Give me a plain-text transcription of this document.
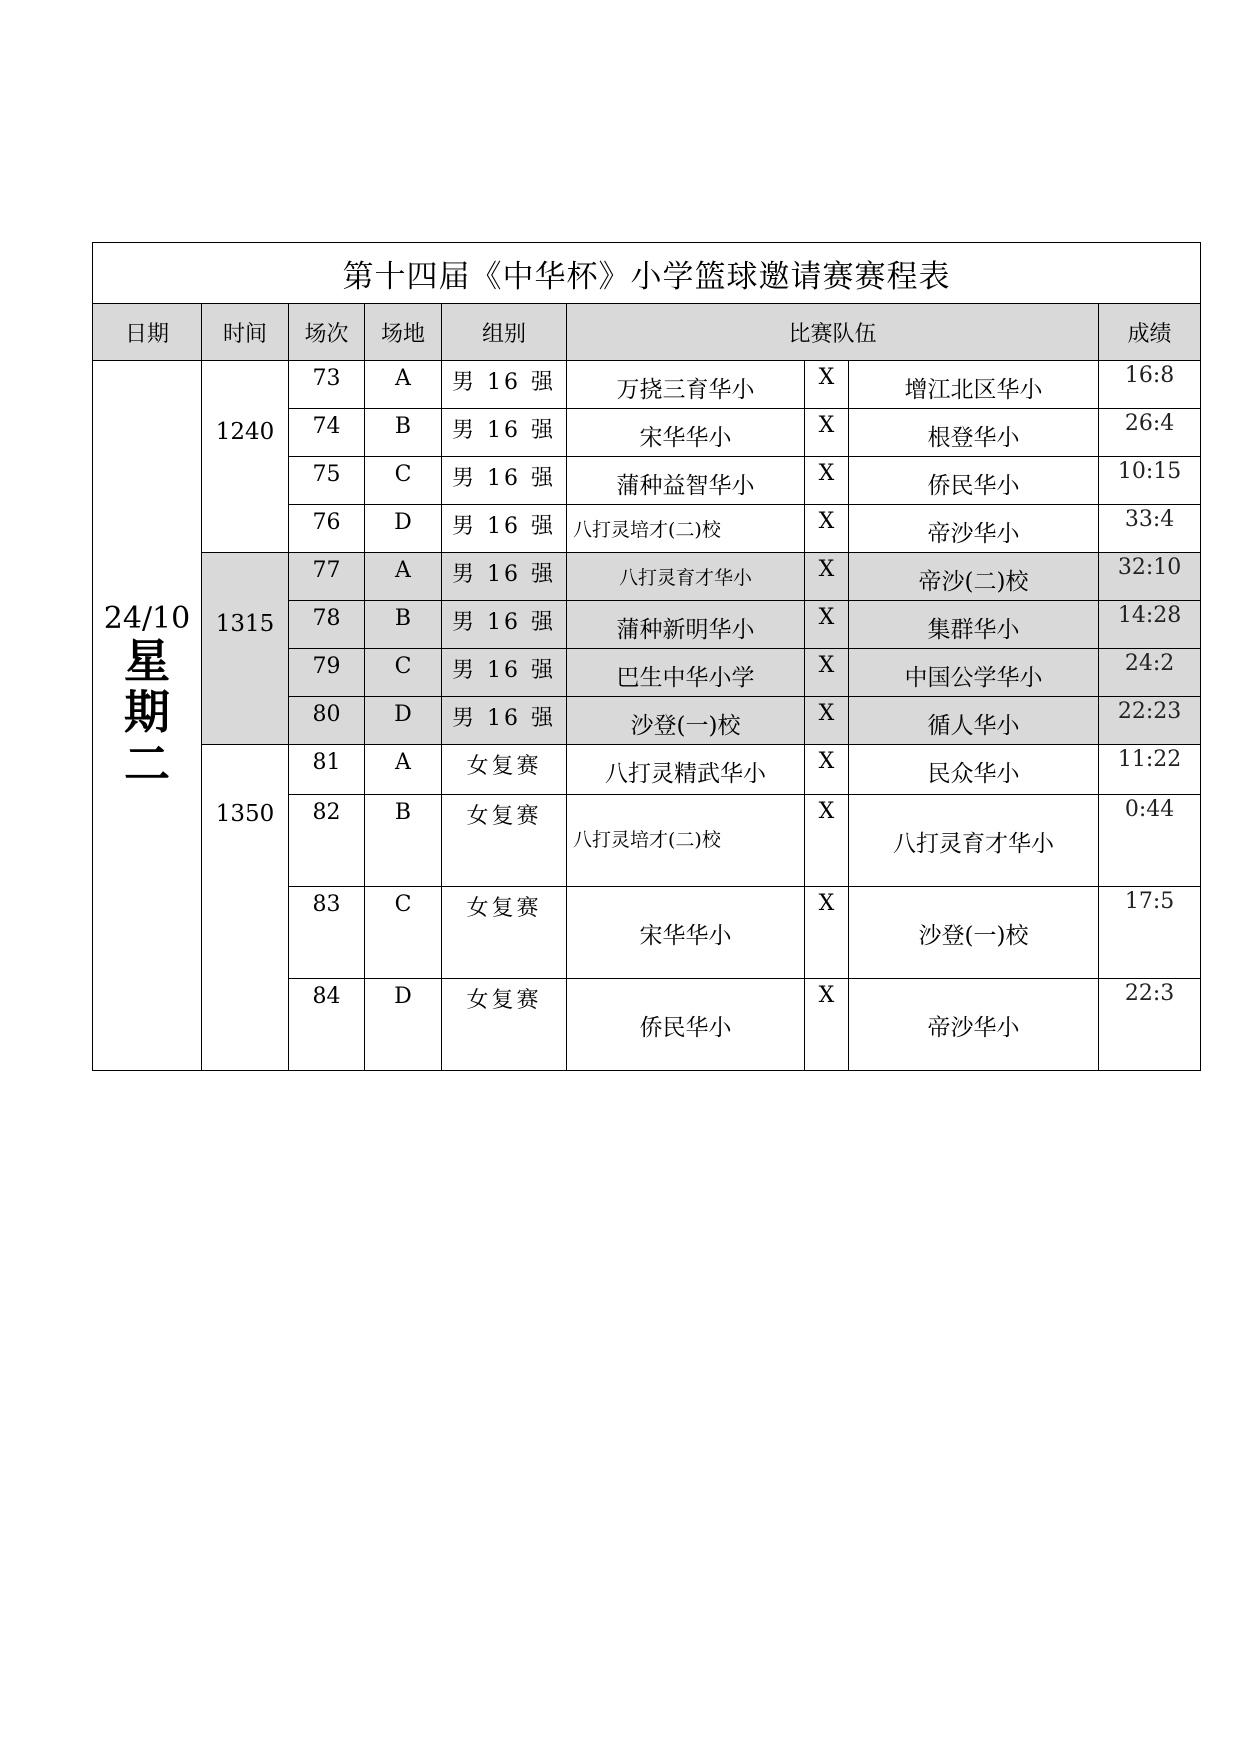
第十四届《中华杯》小学篮球邀请赛赛程表								
日期	时间	场次	场地	组别	比赛队伍			成绩

24/10
星
期
二	1240	73	A	男 16 强	万挠三育华小	X	增江北区华小	16:8
		74	B	男 16 强	宋华华小	X	根登华小	26:4
		75	C	男 16 强	蒲种益智华小	X	侨民华小	10:15
		76	D	男 16 强	八打灵培才(二)校	X	帝沙华小	33:4
	1315	77	A	男 16 强	八打灵育才华小	X	帝沙(二)校	32:10
		78	B	男 16 强	蒲种新明华小	X	集群华小	14:28
		79	C	男 16 强	巴生中华小学	X	中国公学华小	24:2
		80	D	男 16 强	沙登(一)校	X	循人华小	22:23
	1350	81	A	女复赛	八打灵精武华小	X	民众华小	11:22
		82	B	女复赛	八打灵培才(二)校	X	八打灵育才华小	0:44
		83	C	女复赛	宋华华小	X	沙登(一)校	17:5
		84	D	女复赛	侨民华小	X	帝沙华小	22:3
